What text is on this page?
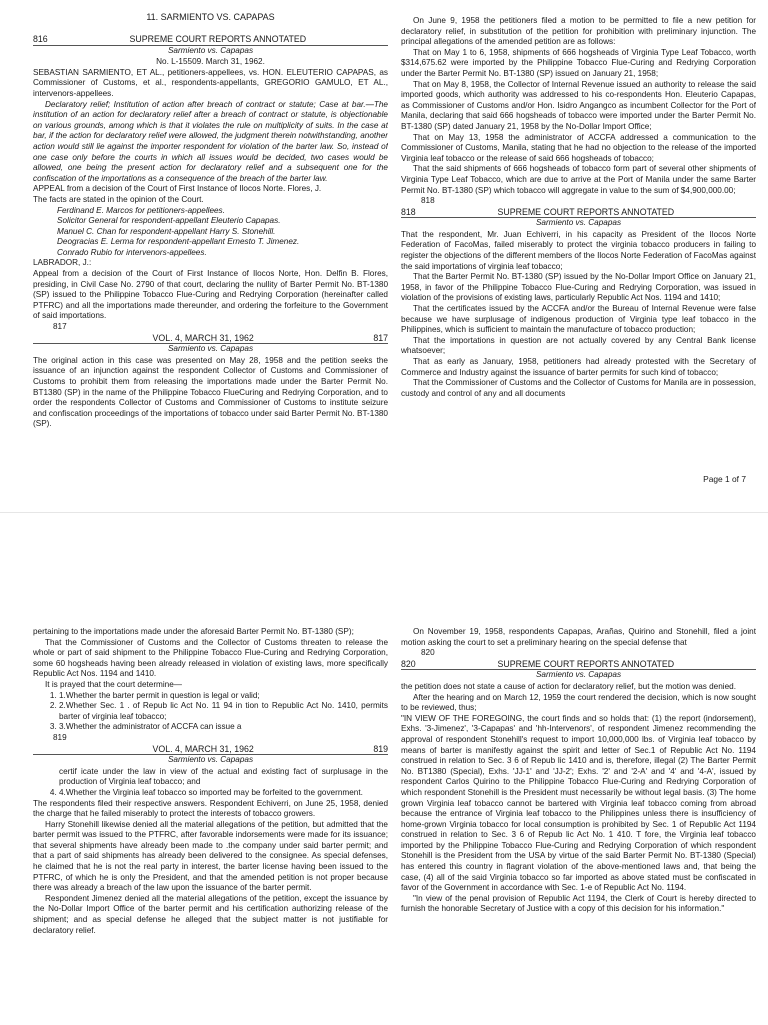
11. SARMIENTO VS. CAPAPAS
816	SUPREME COURT REPORTS ANNOTATED
Sarmiento vs. Capapas

No. L-15509. March 31, 1962.

SEBASTIAN SARMIENTO, ET AL., petitioners-appellees, vs. HON. ELEUTERIO CAPAPAS, as Commissioner of Customs, et al., respondents-appellants, GREGORIO GAMULO, ET AL., intervenors-appellees.

Declaratory relief; Institution of action after breach of contract or statute; Case at bar.—The institution of an action for declaratory relief after a breach of contract or statute, is objectionable on various grounds, among which is that it violates the rule on multiplicity of suits. In the case at bar, if the action for declaratory relief were allowed, the judgment therein notwithstanding, another action would still lie against the importer respondent for violation of the barter law. So, instead of one case only before the courts in which all issues would be decided, two cases would be allowed, one being the present action for declaratory relief and a subsequent one for the confiscation of the importations as a consequence of the breach of the barter law.

APPEAL from a decision of the Court of First Instance of Ilocos Norte. Flores, J.

The facts are stated in the opinion of the Court.

Ferdinand E. Marcos for petitioners-appellees.

Solicitor General for respondent-appellant Eleuterio Capapas.

Manuel C. Chan for respondent-appellant Harry S. Stonehill.

Deogracias E. Lerma for respondent-appellant Ernesto T. Jimenez.

Conrado Rubio for intervenors-appellees.

LABRADOR, J.:

Appeal from a decision of the Court of First Instance of Ilocos Norte, Hon. Delfin B. Flores, presiding, in Civil Case No. 2790 of that court, declaring the nullity of Barter Permit No. BT-1380 (SP) issued to the Philippine Tobacco Flue-Curing and Redrying Corporation (hereinafter called PTFRC) and all the importations made thereunder, and ordering the forfeiture to the Government of said importations.

817

VOL. 4, MARCH 31, 1962	817
Sarmiento vs. Capapas

The original action in this case was presented on May 28, 1958 and the petition seeks the issuance of an injunction against the respondent Collector of Customs and Commissioner of Customs to prohibit them from releasing the importations made under the Barter Permit No. BT1380 (SP) in the name of the Philippine Tobacco FlueCuring and Redrying Corporation, and to order the respondents Collector of Customs and Commissioner of Customs to institute seizure and confiscation proceedings of the importations of tobacco under said Barter Permit No. BT-1380 (SP).

On June 9, 1958 the petitioners filed a motion to be permitted to file a new petition for declaratory relief, in substitution of the petition for prohibition with preliminary injunction. The principal allegations of the amended petition are as follows:

That on May 1 to 6, 1958, shipments of 666 hogsheads of Virginia Type Leaf Tobacco, worth $314,675.62 were imported by the Philippine Tobacco Flue-Curing and Redrying Corporation under the Barter Permit No. BT-1380 (SP) issued on January 21, 1958;

That on May 8, 1958, the Collector of Internal Revenue issued an authority to release the said imported goods, which authority was addressed to his co-respondents Hon. Eleuterio Capapas, as Commissioner of Customs and/or Hon. Isidro Angangco as incumbent Collector for the Port of Manila, declaring that said 666 hogsheads of tobacco were imported under the Barter Permit No. BT-1380 (SP) dated January 21, 1958 by the No-Dollar Import Office;

That on May 13, 1958 the administrator of ACCFA addressed a communication to the Commissioner of Customs, Manila, stating that he had no objection to the release of the imported Virginia leaf tobacco or the release of said 666 hogsheads of tobacco;

That the said shipments of 666 hogsheads of tobacco form part of several other shipments of Virginia Type Leaf Tobacco, which are due to arrive at the Port of Manila under the same Barter Permit No. BT-1380 (SP) which tobacco will aggregate in value to the sum of $4,900,000.00;

818

818	SUPREME COURT REPORTS ANNOTATED
Sarmiento vs. Capapas

That the respondent, Mr. Juan Echiverri, in his capacity as President of the Ilocos Norte Federation of FacoMas, failed miserably to protect the virginia tobacco producers in failing to register the objections of the different members of the Ilocos Norte Federation of FacoMas against the said importations of virginia leaf tobacco;

That the Barter Permit No. BT-1380 (SP) issued by the No-Dollar Import Office on January 21, 1958, in favor of the Philippine Tobacco Flue-Curing and Redrying Corporation, was issued in violation of the provisions of existing laws, particularly Republic Act Nos. 1194 and 1410;

That the certificates issued by the ACCFA and/or the Bureau of Internal Revenue were false because we have surplusage of indigenous production of Virginia type leaf tobacco in the Philippines, which is sufficient to maintain the manufacture of tobacco production;

That the importations in question are not actually covered by any Central Bank license whatsoever;

That as early as January, 1958, petitioners had already protested with the Secretary of Commerce and Industry against the issuance of barter permits for such kind of tobacco;

That the Commissioner of Customs and the Collector of Customs for Manila are in possession, custody and control of any and all documents

Page 1 of 7

pertaining to the importations made under the aforesaid Barter Permit No. BT-1380 (SP);

That the Commissioner of Customs and the Collector of Customs threaten to release the whole or part of said shipment to the Philippine Tobacco Flue-Curing and Redrying Corporation, some 60 hogsheads having been already released in violation of existing laws, more specifically Republic Act Nos. 1194 and 1410.

It is prayed that the court determine—

1. 1.Whether the barter permit in question is legal or valid;
2. 2.Whether Sec. 1 . of Repub lic Act No. 11 94 in tion to Republic Act No. 1410, permits barter of virginia leaf tobacco;
3. 3.Whether the administrator of ACCFA can issue a

819

VOL. 4, MARCH 31, 1962	819
Sarmiento vs. Capapas

certif icate under the law in view of the actual and existing fact of surplusage in the production of Virginia leaf tobacco; and

4. 4.Whether the Virginia leaf tobacco so imported may be forfeited to the government.

The respondents filed their respective answers. Respondent Echiverri, on June 25, 1958, denied the charge that he failed miserably to protect the interests of tobacco growers.

Harry Stonehill likewise denied all the material allegations of the petition, but admitted that the barter permit was issued to the PTFRC, after favorable indorsements were made for its issuance; that several shipments have already been made to .the company under said barter permit; and that a part of said shipments has already been delivered to the consignee. As special defenses, he claimed that he is not the real party in interest, the barter license having been issued to the PTFRC, of which he is only the President, and that the amended petition is not proper because there was already a breach of the law upon the issuance of the barter permit.

Respondent Jimenez denied all the material allegations of the petition, except the issuance by the No-Dollar Import Office of the barter permit and his certification authorizing release of the shipment; and as special defense he alleged that the subject matter is not justifiable for declaratory relief.

On November 19, 1958, respondents Capapas, Arañas, Quirino and Stonehill, filed a joint motion asking the court to set a preliminary hearing on the special defense that

820

820	SUPREME COURT REPORTS ANNOTATED
Sarmiento vs. Capapas

the petition does not state a cause of action for declaratory relief, but the motion was denied.

After the hearing and on March 12, 1959 the court rendered the decision, which is now sought to be reviewed, thus;

"IN VIEW OF THE FOREGOING, the court finds and so holds that: (1) the report (indorsement), Exhs. '3-Jimenez', '3-Capapas' and 'hh-Intervenors', of respondent Jimenez recommending the approval of respondent Stonehill's request to import 10,000,000 lbs. of Virginia leaf tobacco by means of barter is manifestly against the spirit and letter of Sec.1 of Republic Act No. 1194 construed in relation to Sec. 3 6 of Repub lic 1410 and is, therefore, illegal (2) The Barter Permit No. BT1380 (Special), Exhs. 'JJ-1' and 'JJ-2'; Exhs. '2' and '2-A' and '4' and '4-A', issued by respondent Carlos Quirino to the Philippine Tobacco Flue-Curing and Redrying Corporation of which respondent Stonehill is the President must necessarily be without legal basis. (3) The home grown Virginia leaf tobacco cannot be bartered with Virginia leaf tobacco coming from abroad because the entrance of Virginia leaf tobacco to the Philippines unless there is insufficiency of home-grown Virginia tobacco for local consumption is prohibited by Sec. 1 of Republic Act 1194 construed in relation to Sec. 3 6 of Repub lic Act No. 1 410. T fore, the Virginia leaf tobacco imported by the Philippine Tobacco Flue-Curing and Redrying Corporation of which respondent Stonehill is the President from the USA by virtue of the said Barter Permit No. BT-1380 (Special) has entered this country in flagrant violation of the above-mentioned laws and, that being the case, (4) all of the said Virginia tobacco so far imported as above stated must be confiscated in favor of the Government in accordance with Sec. 1-e of Republic Act No. 1194.

"In view of the penal provision of Republic Act 1194, the Clerk of Court is hereby directed to furnish the honorable Secretary of Justice with a copy of this decision for his information."
